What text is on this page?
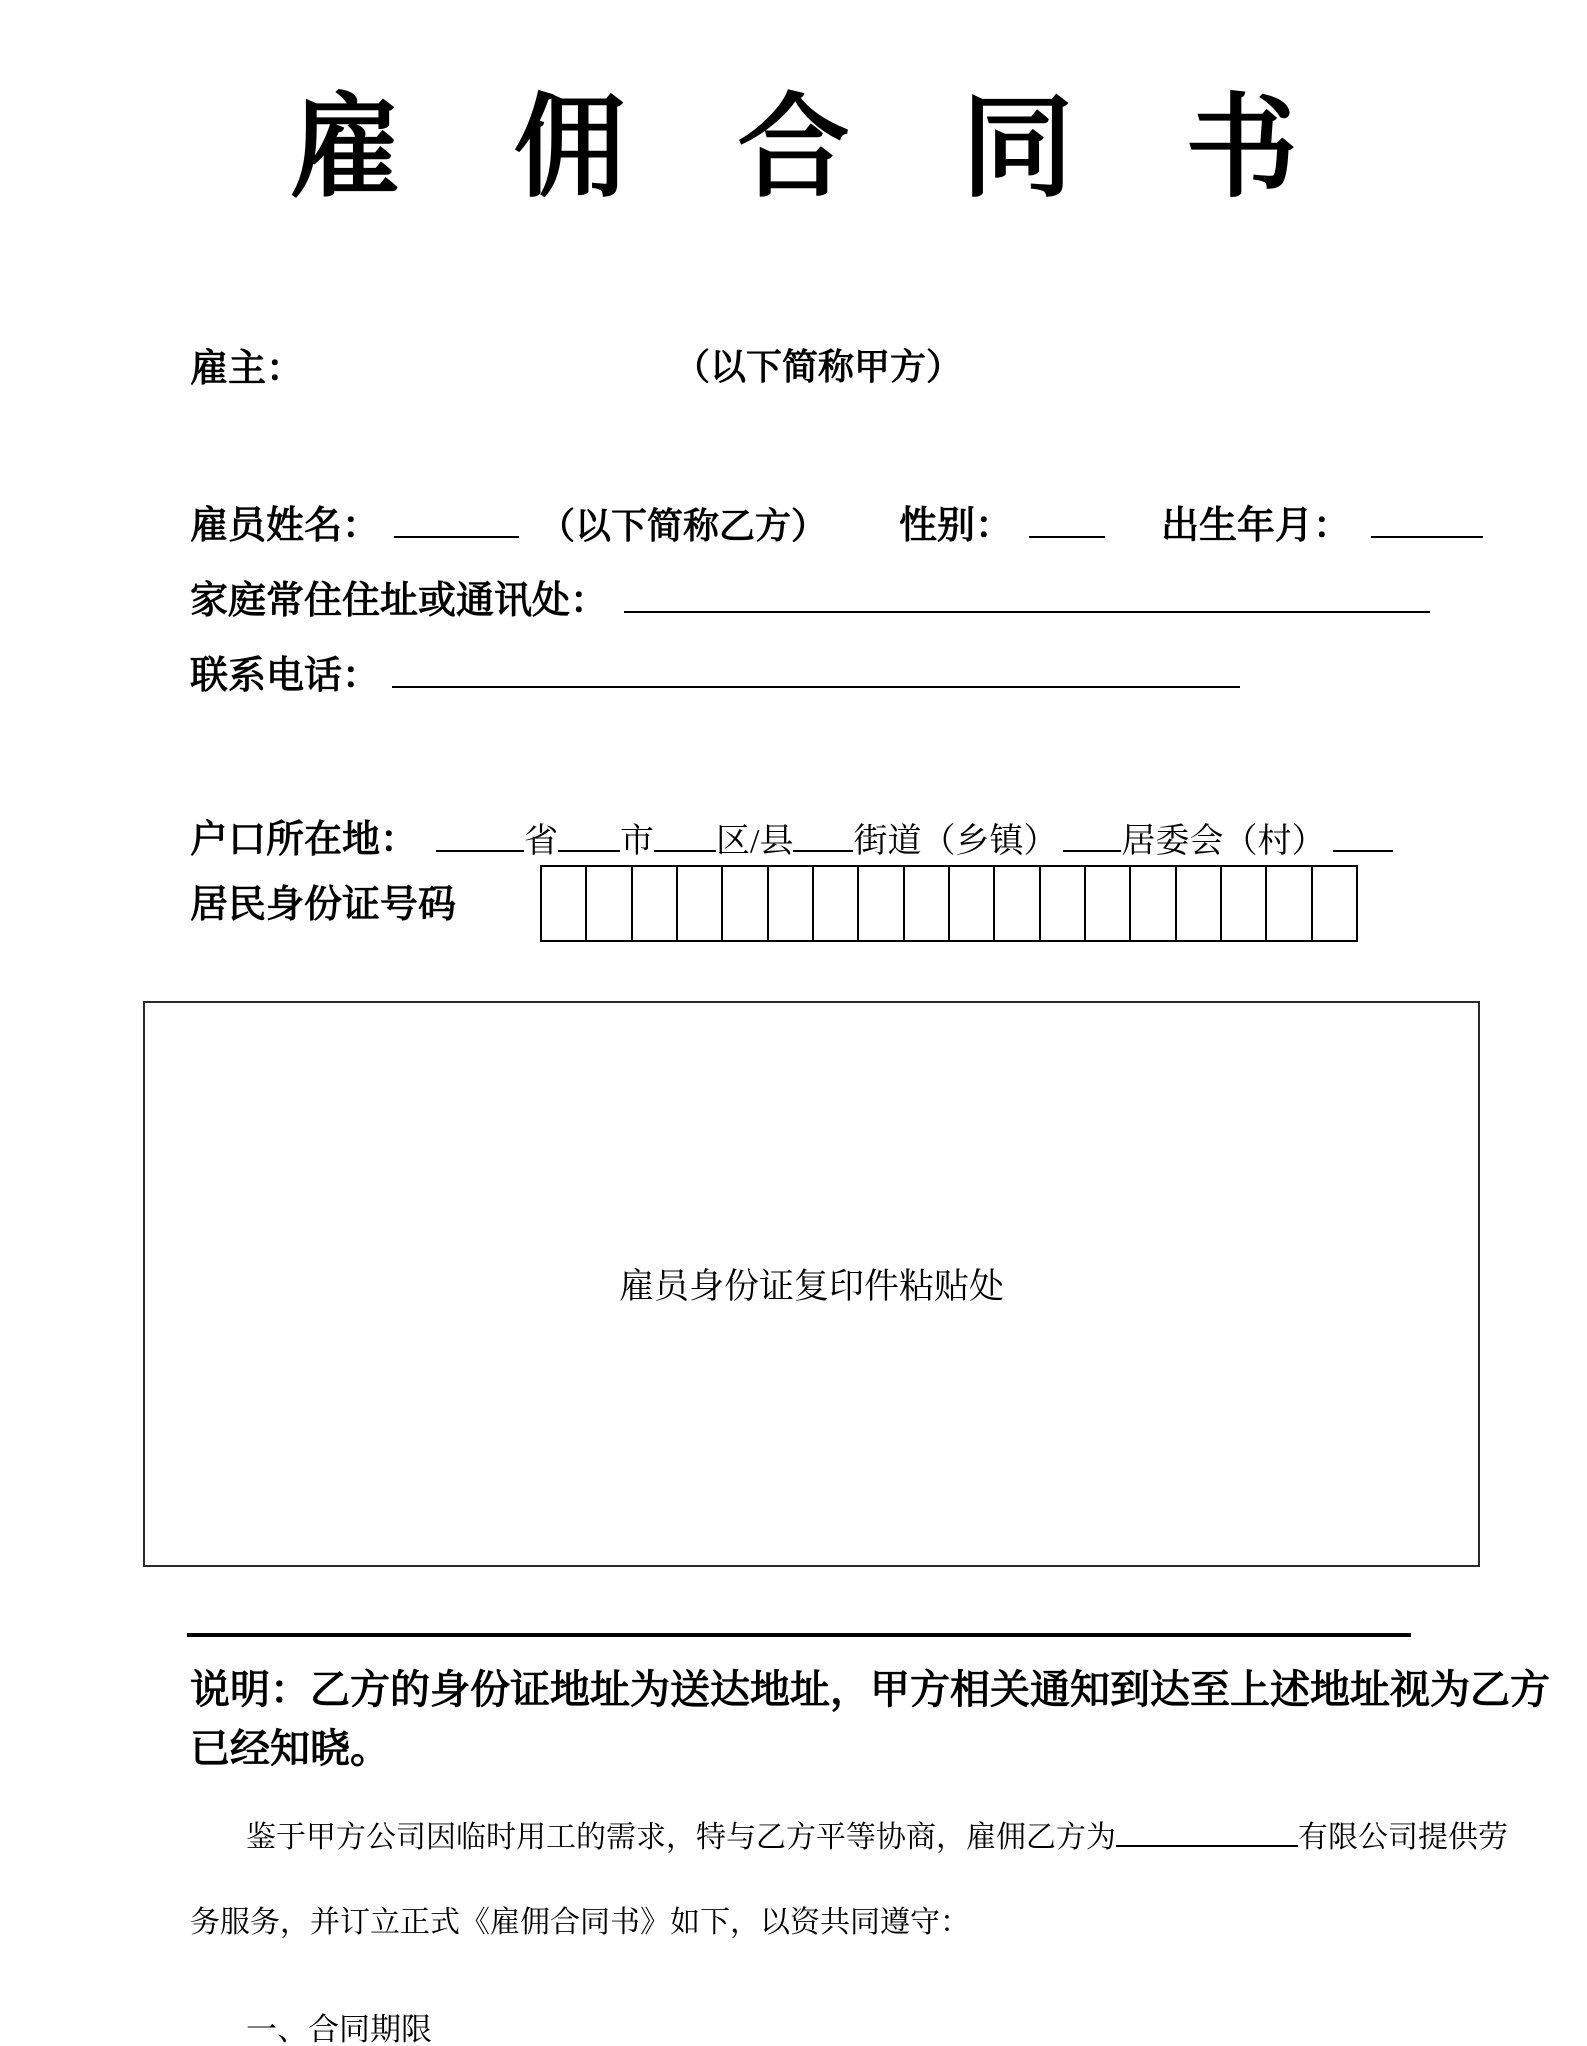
雇佣合同书
雇主：	（以下简称甲方）
雇员姓名：	（以下简称乙方） 性别：	出生年月：
家庭常住住址或通讯处：
联系电话：
户口所在地：	省 市 区/县 街道（乡镇） 居委会（村）
居民身份证号码
雇员身份证复印件粘贴处
说明：乙方的身份证地址为送达地址，甲方相关通知到达至上述地址视为乙方
已经知晓。
鉴于甲方公司因临时用工的需求，特与乙方平等协商，雇佣乙方为	有限公司提供劳
务服务，并订立正式《雇佣合同书》如下，以资共同遵守：
一、合同期限
